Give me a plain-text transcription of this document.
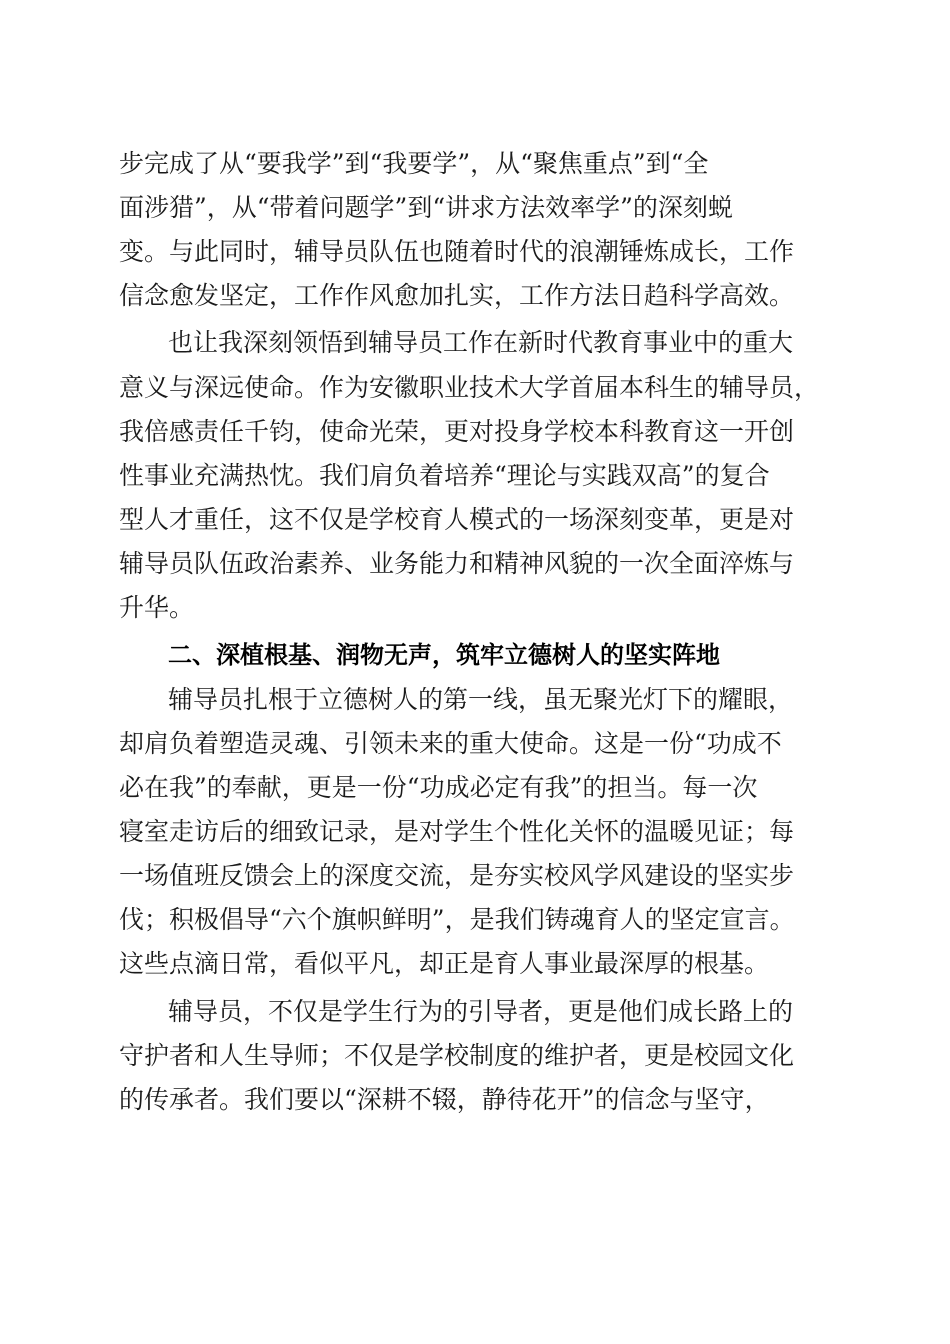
步完成了从“要我学”到“我要学”，从“聚焦重点”到“全
面涉猎”，从“带着问题学”到“讲求方法效率学”的深刻蜕
变。与此同时，辅导员队伍也随着时代的浪潮锤炼成长，工作
信念愈发坚定，工作作风愈加扎实，工作方法日趋科学高效。
也让我深刻领悟到辅导员工作在新时代教育事业中的重大
意义与深远使命。作为安徽职业技术大学首届本科生的辅导员，
我倍感责任千钧，使命光荣，更对投身学校本科教育这一开创
性事业充满热忱。我们肩负着培养“理论与实践双高”的复合
型人才重任，这不仅是学校育人模式的一场深刻变革，更是对
辅导员队伍政治素养、业务能力和精神风貌的一次全面淬炼与
升华。
二、深植根基、润物无声，筑牢立德树人的坚实阵地
辅导员扎根于立德树人的第一线，虽无聚光灯下的耀眼，
却肩负着塑造灵魂、引领未来的重大使命。这是一份“功成不
必在我”的奉献，更是一份“功成必定有我”的担当。每一次
寝室走访后的细致记录，是对学生个性化关怀的温暖见证；每
一场值班反馈会上的深度交流，是夯实校风学风建设的坚实步
伐；积极倡导“六个旗帜鲜明”，是我们铸魂育人的坚定宣言。
这些点滴日常，看似平凡，却正是育人事业最深厚的根基。
辅导员，不仅是学生行为的引导者，更是他们成长路上的
守护者和人生导师；不仅是学校制度的维护者，更是校园文化
的传承者。我们要以“深耕不辍，静待花开”的信念与坚守，
